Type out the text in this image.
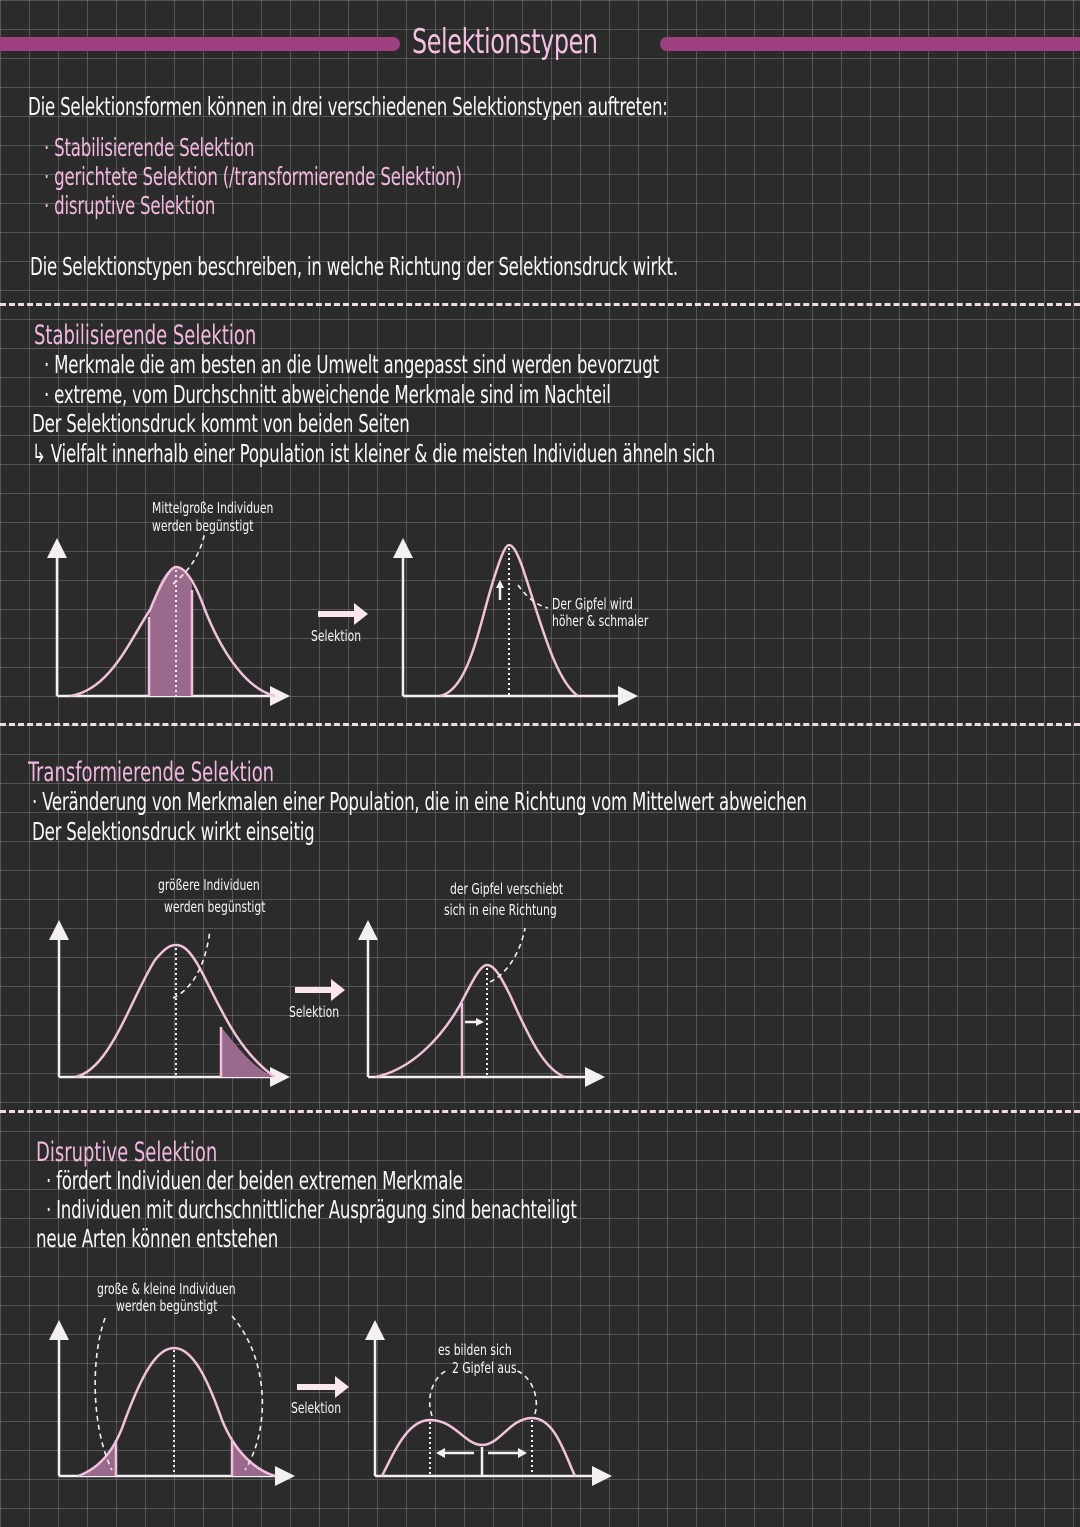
Selektionstypen
Die Selektionsformen können in drei verschiedenen Selektionstypen auftreten:
· Stabilisierende Selektion
· gerichtete Selektion (/transformierende Selektion)
· disruptive Selektion
Die Selektionstypen beschreiben, in welche Richtung der Selektionsdruck wirkt.
Stabilisierende Selektion
· Merkmale die am besten an die Umwelt angepasst sind werden bevorzugt
· extreme, vom Durchschnitt abweichende Merkmale sind im Nachteil
Der Selektionsdruck kommt von beiden Seiten
↳ Vielfalt innerhalb einer Population ist kleiner & die meisten Individuen ähneln sich
Mittelgroße Individuen
werden begünstigt
Selektion
Der Gipfel wird
höher & schmaler
Transformierende Selektion
· Veränderung von Merkmalen einer Population, die in eine Richtung vom Mittelwert abweichen
Der Selektionsdruck wirkt einseitig
größere Individuen
werden begünstigt
Selektion
der Gipfel verschiebt
sich in eine Richtung
Disruptive Selektion
· fördert Individuen der beiden extremen Merkmale
· Individuen mit durchschnittlicher Ausprägung sind benachteiligt
neue Arten können entstehen
große & kleine Individuen
werden begünstigt
Selektion
es bilden sich
2 Gipfel aus
